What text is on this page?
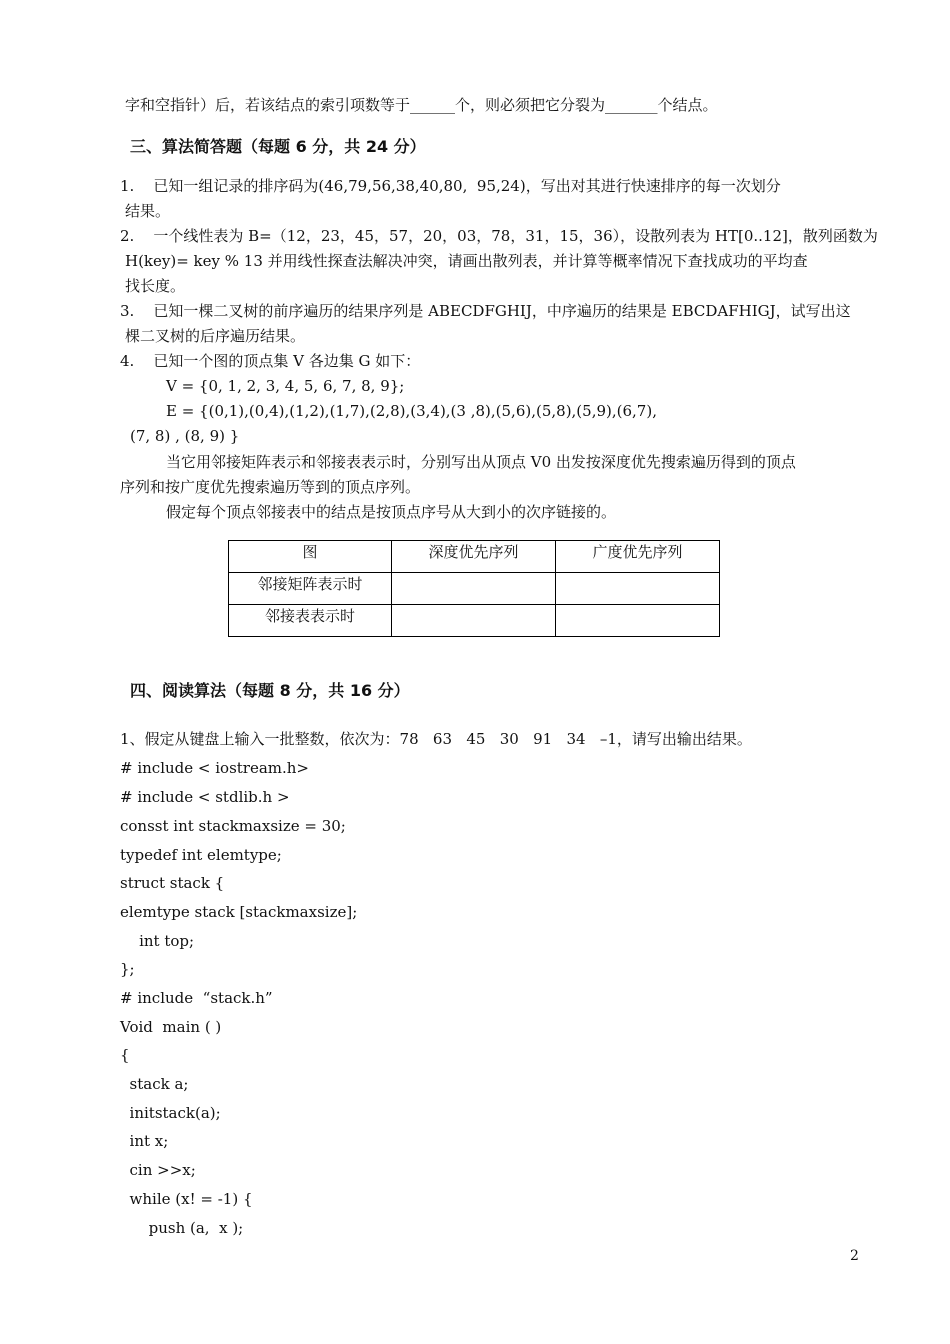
字和空指针）后，若该结点的索引项数等于______个，则必须把它分裂为_______个结点。
三、算法简答题（每题 6 分，共 24 分）
1.    已知一组记录的排序码为(46,79,56,38,40,80,  95,24)，写出对其进行快速排序的每一次划分
结果。
2.    一个线性表为 B=（12，23，45，57，20，03，78，31，15，36），设散列表为 HT[0..12]，散列函数为
H(key)= key % 13 并用线性探查法解决冲突，请画出散列表，并计算等概率情况下查找成功的平均查
找长度。
3.    已知一棵二叉树的前序遍历的结果序列是 ABECDFGHIJ，中序遍历的结果是 EBCDAFHIGJ，试写出这
棵二叉树的后序遍历结果。
4.    已知一个图的顶点集 V 各边集 G 如下：
V = {0, 1, 2, 3, 4, 5, 6, 7, 8, 9};
E = {(0,1),(0,4),(1,2),(1,7),(2,8),(3,4),(3 ,8),(5,6),(5,8),(5,9),(6,7),
(7, 8) , (8, 9) }
当它用邻接矩阵表示和邻接表表示时，分别写出从顶点 V0 出发按深度优先搜索遍历得到的顶点
序列和按广度优先搜索遍历等到的顶点序列。
假定每个顶点邻接表中的结点是按顶点序号从大到小的次序链接的。
图	深度优先序列	广度优先序列
邻接矩阵表示时		
邻接表表示时		
四、阅读算法（每题 8 分，共 16 分）
1、假定从键盘上输入一批整数，依次为：78   63   45   30   91   34   –1，请写出输出结果。
# include < iostream.h>
# include < stdlib.h >
consst int stackmaxsize = 30;
typedef int elemtype;
struct stack {
elemtype stack [stackmaxsize];
int top;
};
# include  “stack.h”
Void  main ( )
{
stack a;
initstack(a);
int x;
cin >>x;
while (x! = -1) {
push (a,  x );
2
